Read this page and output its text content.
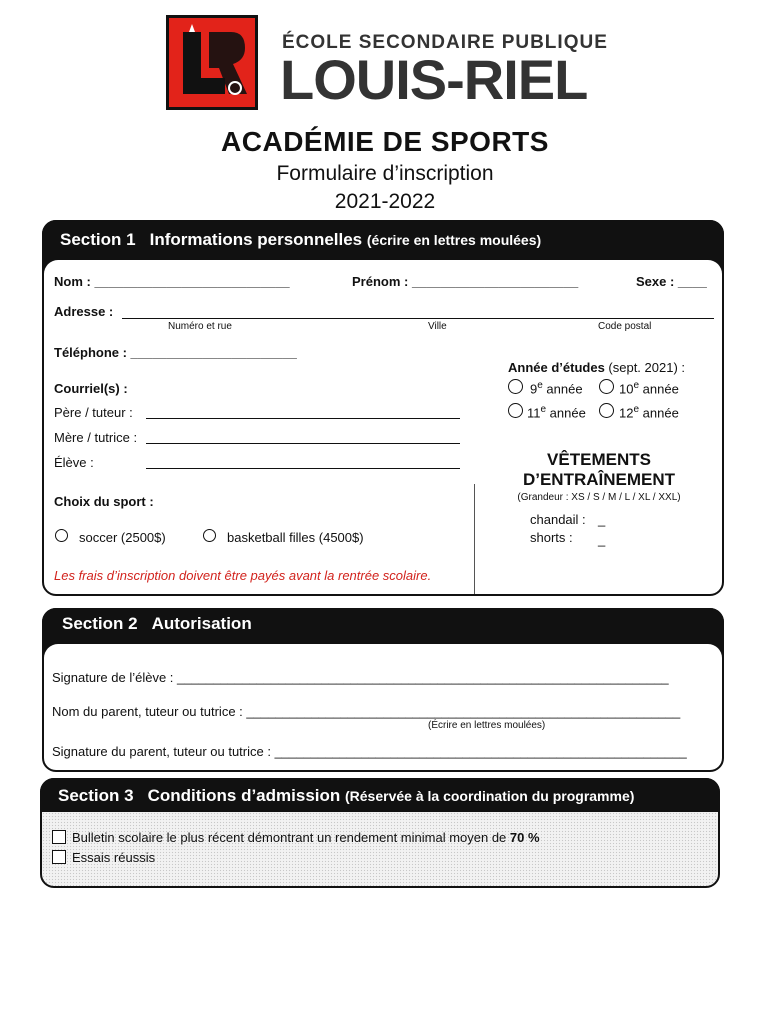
ÉCOLE SECONDAIRE PUBLIQUE
LOUIS-RIEL
ACADÉMIE DE SPORTS
Formulaire d’inscription
2021-2022
Section 1 Informations personnelles (écrire en lettres moulées)
Nom : ___________________________	Prénom : _______________________	Sexe : ____
Adresse :
Numéro et rue	Ville	Code postal
Téléphone : _______________________
Courriel(s) :
Père / tuteur :
Mère / tutrice :
Élève :
Choix du sport :
soccer (2500$)	basketball filles (4500$)
Les frais d’inscription doivent être payés avant la rentrée scolaire.
Année d’études (sept. 2021) :
9e année	10e année
11e année	12e année
VÊTEMENTS
D’ENTRAÎNEMENT
(Grandeur : XS / S / M / L / XL / XXL)
chandail : _
shorts : _
Section 2 Autorisation
Signature de l’élève : ____________________________________________________________________
Nom du parent, tuteur ou tutrice : ____________________________________________________________
(Écrire en lettres moulées)
Signature du parent, tuteur ou tutrice : _________________________________________________________
Section 3 Conditions d’admission (Réservée à la coordination du programme)
Bulletin scolaire le plus récent démontrant un rendement minimal moyen de 70 %
Essais réussis
